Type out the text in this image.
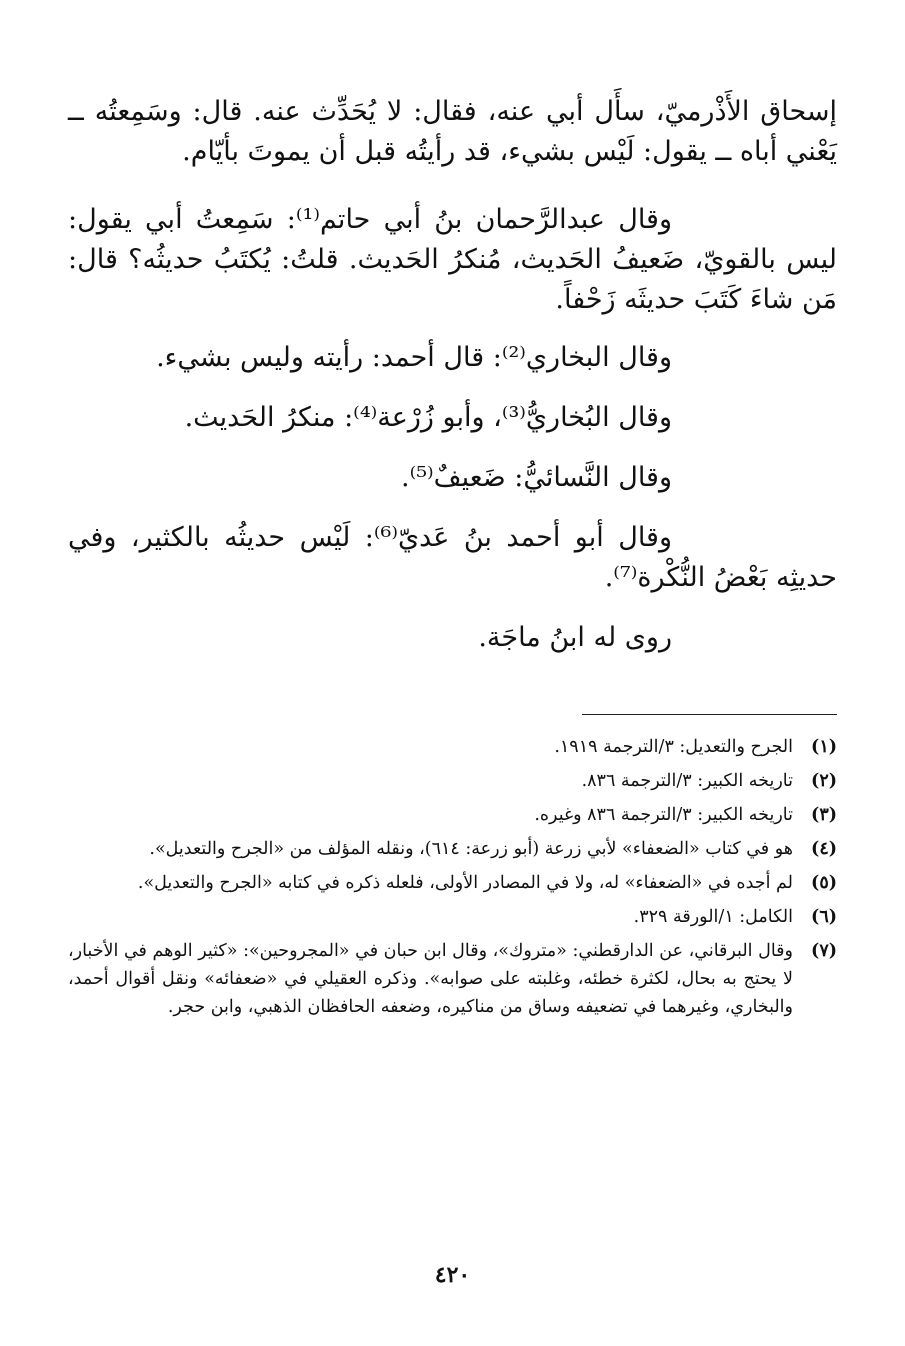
إسحاق الأَذْرميّ، سأَل أبي عنه، فقال: لا يُحَدِّث عنه. قال: وسَمِعتُه ــ يَعْني أباه ــ يقول: لَيْس بشيء، قد رأيتُه قبل أن يموتَ بأيّام.

وقال عبدالرَّحمان بنُ أبي حاتم⁽¹⁾: سَمِعتُ أبي يقول: ليس بالقويّ، ضَعيفُ الحَديث، مُنكرُ الحَديث. قلتُ: يُكتَبُ حديثُه؟ قال: مَن شاءَ كَتَبَ حديثَه زَحْفاً.

وقال البخاري⁽²⁾: قال أحمد: رأيته وليس بشيء.

وقال البُخاريُّ⁽³⁾، وأبو زُرْعة⁽⁴⁾: منكرُ الحَديث.

وقال النَّسائيُّ: ضَعيفٌ⁽⁵⁾.

وقال أبو أحمد بنُ عَديّ⁽⁶⁾: لَيْس حديثُه بالكثير، وفي حديثِه بَعْضُ النُّكْرة⁽⁷⁾.

روى له ابنُ ماجَة.

(١)
الجرح والتعديل: ٣/الترجمة ١٩١٩.
(٢)
تاريخه الكبير: ٣/الترجمة ٨٣٦.
(٣)
تاريخه الكبير: ٣/الترجمة ٨٣٦ وغيره.
(٤)
هو في كتاب «الضعفاء» لأبي زرعة (أبو زرعة: ٦١٤)، ونقله المؤلف من «الجرح والتعديل».
(٥)
لم أجده في «الضعفاء» له، ولا في المصادر الأولى، فلعله ذكره في كتابه «الجرح والتعديل».
(٦)
الكامل: ١/الورقة ٣٢٩.
(٧)
وقال البرقاني، عن الدارقطني: «متروك»، وقال ابن حبان في «المجروحين»: «كثير الوهم في الأخبار، لا يحتج به بحال، لكثرة خطئه، وغلبته على صوابه». وذكره العقيلي في «ضعفائه» ونقل أقوال أحمد، والبخاري، وغيرهما في تضعيفه وساق من مناكيره، وضعفه الحافظان الذهبي، وابن حجر.
٤٢٠
